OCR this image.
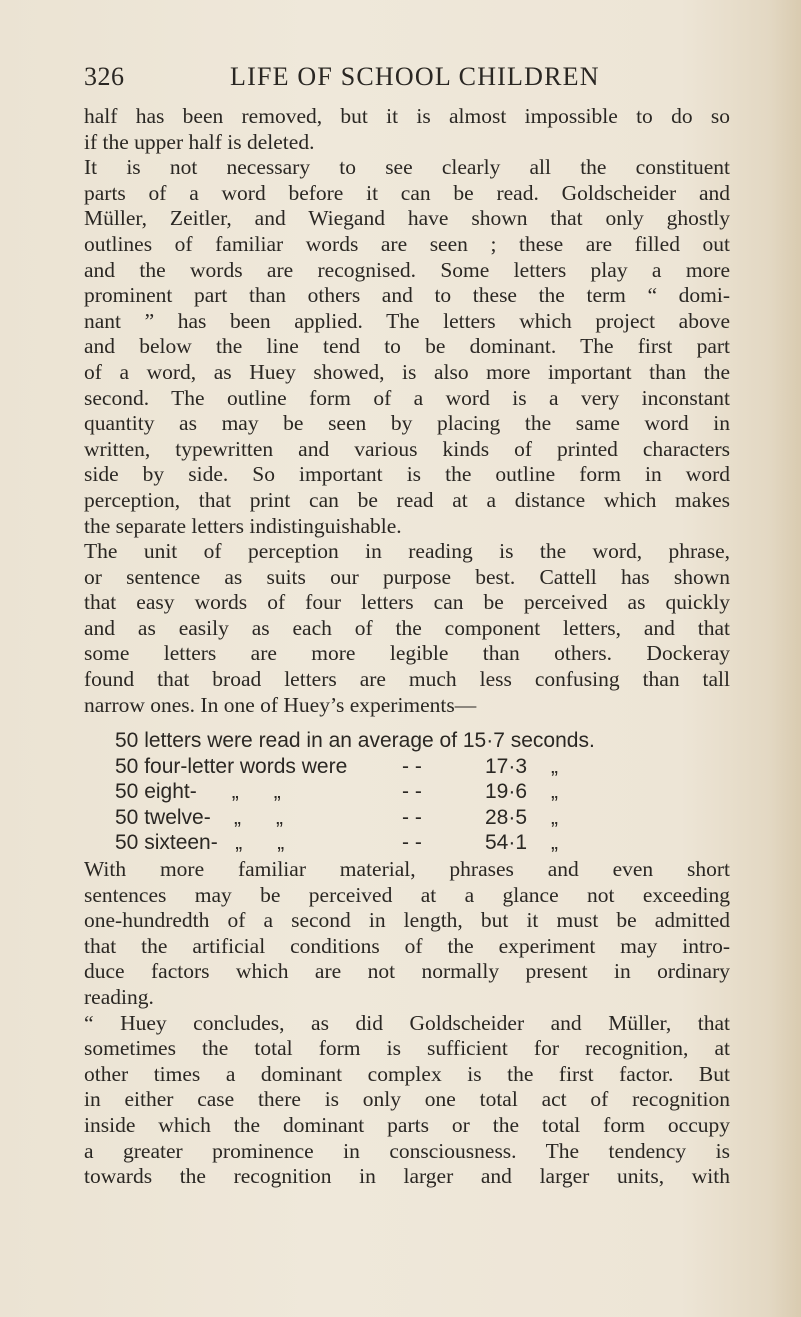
326	LIFE OF SCHOOL CHILDREN
half has been removed, but it is almost impossible to do so
if the upper half is deleted.
It is not necessary to see clearly all the constituent
parts of a word before it can be read. Goldscheider and
Müller, Zeitler, and Wiegand have shown that only ghostly
outlines of familiar words are seen ; these are filled out
and the words are recognised. Some letters play a more
prominent part than others and to these the term “ domi-
nant ” has been applied. The letters which project above
and below the line tend to be dominant. The first part
of a word, as Huey showed, is also more important than the
second. The outline form of a word is a very inconstant
quantity as may be seen by placing the same word in
written, typewritten and various kinds of printed characters
side by side. So important is the outline form in word
perception, that print can be read at a distance which makes
the separate letters indistinguishable.
The unit of perception in reading is the word, phrase,
or sentence as suits our purpose best. Cattell has shown
that easy words of four letters can be perceived as quickly
and as easily as each of the component letters, and that
some letters are more legible than others. Dockeray
found that broad letters are much less confusing than tall
narrow ones. In one of Huey’s experiments—
50 letters were read in an average of 15·7 seconds.
50 four-letter words were	- -	17·3 „
50 eight-      „      „	- -	19·6 „
50 twelve-    „      „	- -	28·5 „
50 sixteen-   „      „	- -	54·1 „
With more familiar material, phrases and even short
sentences may be perceived at a glance not exceeding
one-hundredth of a second in length, but it must be admitted
that the artificial conditions of the experiment may intro-
duce factors which are not normally present in ordinary
reading.
“ Huey concludes, as did Goldscheider and Müller, that
sometimes the total form is sufficient for recognition, at
other times a dominant complex is the first factor. But
in either case there is only one total act of recognition
inside which the dominant parts or the total form occupy
a greater prominence in consciousness. The tendency is
towards the recognition in larger and larger units, with
